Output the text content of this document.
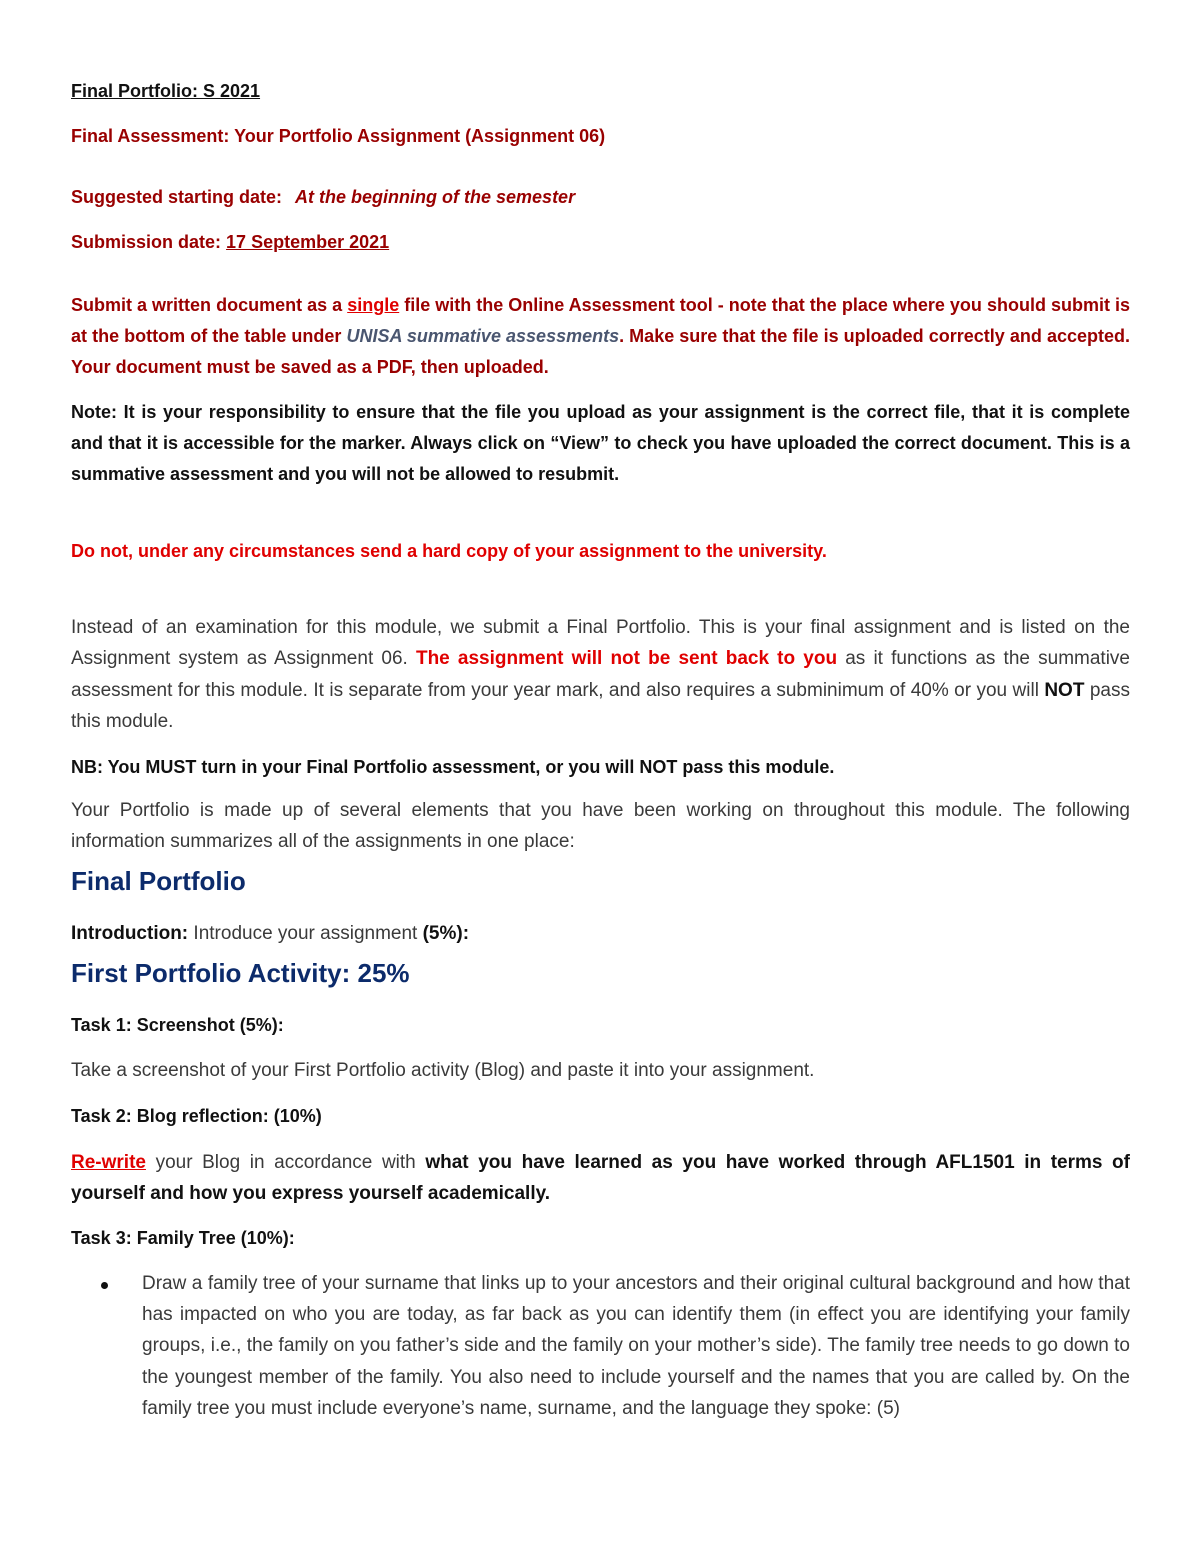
Final Portfolio: S 2021
Final Assessment: Your Portfolio Assignment (Assignment 06)
Suggested starting date: At the beginning of the semester
Submission date: 17 September 2021
Submit a written document as a single file with the Online Assessment tool - note that the place where you should submit is at the bottom of the table under UNISA summative assessments. Make sure that the file is uploaded correctly and accepted. Your document must be saved as a PDF, then uploaded.
Note: It is your responsibility to ensure that the file you upload as your assignment is the correct file, that it is complete and that it is accessible for the marker. Always click on “View” to check you have uploaded the correct document. This is a summative assessment and you will not be allowed to resubmit.
Do not, under any circumstances send a hard copy of your assignment to the university.
Instead of an examination for this module, we submit a Final Portfolio. This is your final assignment and is listed on the Assignment system as Assignment 06. The assignment will not be sent back to you as it functions as the summative assessment for this module. It is separate from your year mark, and also requires a subminimum of 40% or you will NOT pass this module.
NB: You MUST turn in your Final Portfolio assessment, or you will NOT pass this module.
Your Portfolio is made up of several elements that you have been working on throughout this module. The following information summarizes all of the assignments in one place:
Final Portfolio
Introduction: Introduce your assignment (5%):
First Portfolio Activity: 25%
Task 1: Screenshot (5%):
Take a screenshot of your First Portfolio activity (Blog) and paste it into your assignment.
Task 2: Blog reflection: (10%)
Re-write your Blog in accordance with what you have learned as you have worked through AFL1501 in terms of yourself and how you express yourself academically.
Task 3: Family Tree (10%):
Draw a family tree of your surname that links up to your ancestors and their original cultural background and how that has impacted on who you are today, as far back as you can identify them (in effect you are identifying your family groups, i.e., the family on you father’s side and the family on your mother’s side). The family tree needs to go down to the youngest member of the family. You also need to include yourself and the names that you are called by. On the family tree you must include everyone’s name, surname, and the language they spoke: (5)
